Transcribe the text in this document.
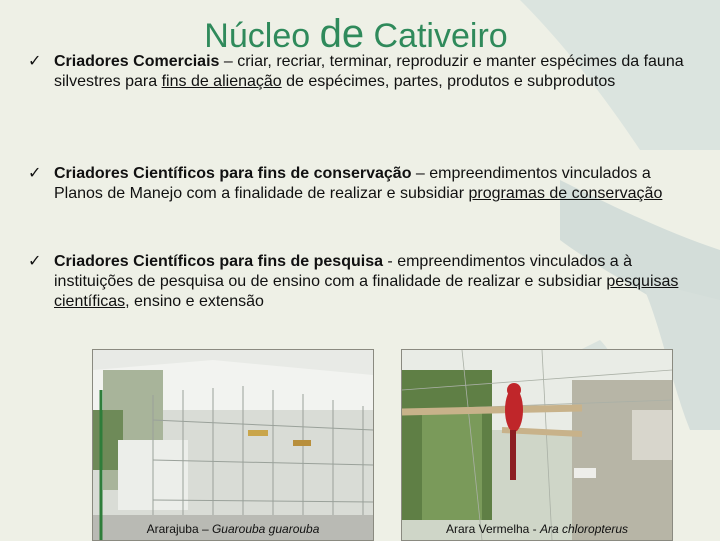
Núcleo de Cativeiro
✓ Criadores Comerciais – criar, recriar, terminar, reproduzir e manter espécimes da fauna silvestres para fins de alienação de espécimes, partes, produtos e subprodutos
✓ Criadores Científicos para fins de conservação – empreendimentos vinculados a Planos de Manejo com a finalidade de realizar e subsidiar programas de conservação
✓ Criadores Científicos para fins de pesquisa - empreendimentos vinculados a à instituições de pesquisa ou de ensino com a finalidade de realizar e subsidiar pesquisas científicas, ensino e extensão
Ararajuba – Guarouba guarouba	Arara Vermelha - Ara chloropterus
